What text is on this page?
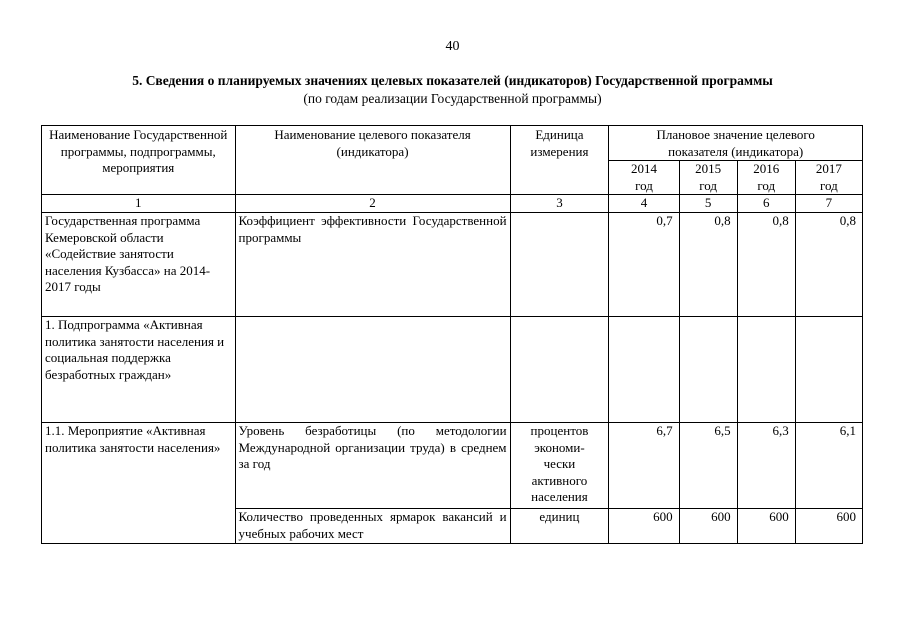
40
5. Сведения о планируемых значениях целевых показателей (индикаторов) Государственной программы
(по годам реализации Государственной программы)
Наименование Государственной программы, подпрограммы, мероприятия	Наименование целевого показателя (индикатора)	Единица измерения	Плановое значение целевого показателя (индикатора)			
			2014 год	2015 год	2016 год	2017 год
1	2	3	4	5	6	7
Государственная программа Кемеровской области «Содействие занятости населения Кузбасса» на 2014-2017 годы	Коэффициент эффективности Государственной программы		0,7	0,8	0,8	0,8
1. Подпрограмма «Активная политика занятости населения и социальная поддержка безработных граждан»						
1.1. Мероприятие «Активная политика занятости населения»	Уровень безработицы (по методологии Международной организации труда) в среднем за год	процентов экономи- чески активного населения	6,7	6,5	6,3	6,1
	Количество проведенных ярмарок вакансий и учебных рабочих мест	единиц	600	600	600	600
